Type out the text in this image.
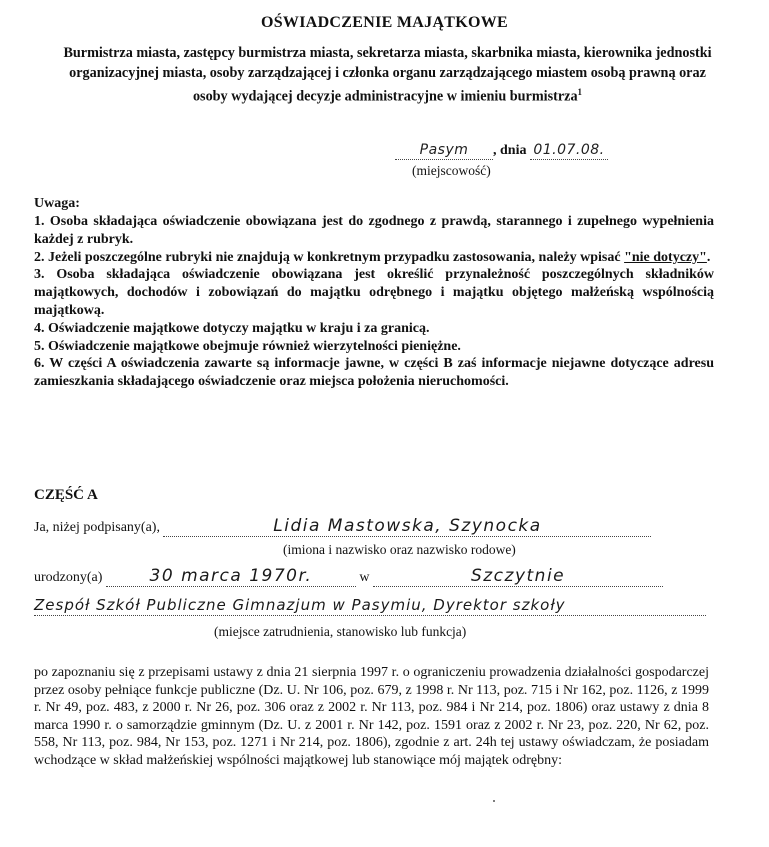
OŚWIADCZENIE MAJĄTKOWE
Burmistrza miasta, zastępcy burmistrza miasta, sekretarza miasta, skarbnika miasta, kierownika jednostki organizacyjnej miasta, osoby zarządzającej i członka organu zarządzającego miastem osobą prawną oraz osoby wydającej decyzje administracyjne w imieniu burmistrza$^1$
Pasym , dnia 01.07.08.
(miejscowość)
Uwaga:

1. Osoba składająca oświadczenie obowiązana jest do zgodnego z prawdą, starannego i zupełnego wypełnienia każdej z rubryk.

2. Jeżeli poszczególne rubryki nie znajdują w konkretnym przypadku zastosowania, należy wpisać "nie dotyczy".

3. Osoba składająca oświadczenie obowiązana jest określić przynależność poszczególnych składników majątkowych, dochodów i zobowiązań do majątku odrębnego i majątku objętego małżeńską wspólnością majątkową.

4. Oświadczenie majątkowe dotyczy majątku w kraju i za granicą.

5. Oświadczenie majątkowe obejmuje również wierzytelności pieniężne.

6. W części A oświadczenia zawarte są informacje jawne, w części B zaś informacje niejawne dotyczące adresu zamieszkania składającego oświadczenie oraz miejsca położenia nieruchomości.

CZĘŚĆ A
Ja, niżej podpisany(a),	Lidia Mastowska, Szynocka
(imiona i nazwisko oraz nazwisko rodowe)
urodzony(a)	30 marca 1970r.	w	Szczytnie
Zespół Szkół Publiczne Gimnazjum w Pasymiu, Dyrektor szkoły
(miejsce zatrudnienia, stanowisko lub funkcja)

po zapoznaniu się z przepisami ustawy z dnia 21 sierpnia 1997 r. o ograniczeniu prowadzenia działalności gospodarczej przez osoby pełniące funkcje publiczne (Dz. U. Nr 106, poz. 679, z 1998 r. Nr 113, poz. 715 i Nr 162, poz. 1126, z 1999 r. Nr 49, poz. 483, z 2000 r. Nr 26, poz. 306 oraz z 2002 r. Nr 113, poz. 984 i Nr 214, poz. 1806) oraz ustawy z dnia 8 marca 1990 r. o samorządzie gminnym (Dz. U. z 2001 r. Nr 142, poz. 1591 oraz z 2002 r. Nr 23, poz. 220, Nr 62, poz. 558, Nr 113, poz. 984, Nr 153, poz. 1271 i Nr 214, poz. 1806), zgodnie z art. 24h tej ustawy oświadczam, że posiadam wchodzące w skład małżeńskiej wspólności majątkowej lub stanowiące mój majątek odrębny:
